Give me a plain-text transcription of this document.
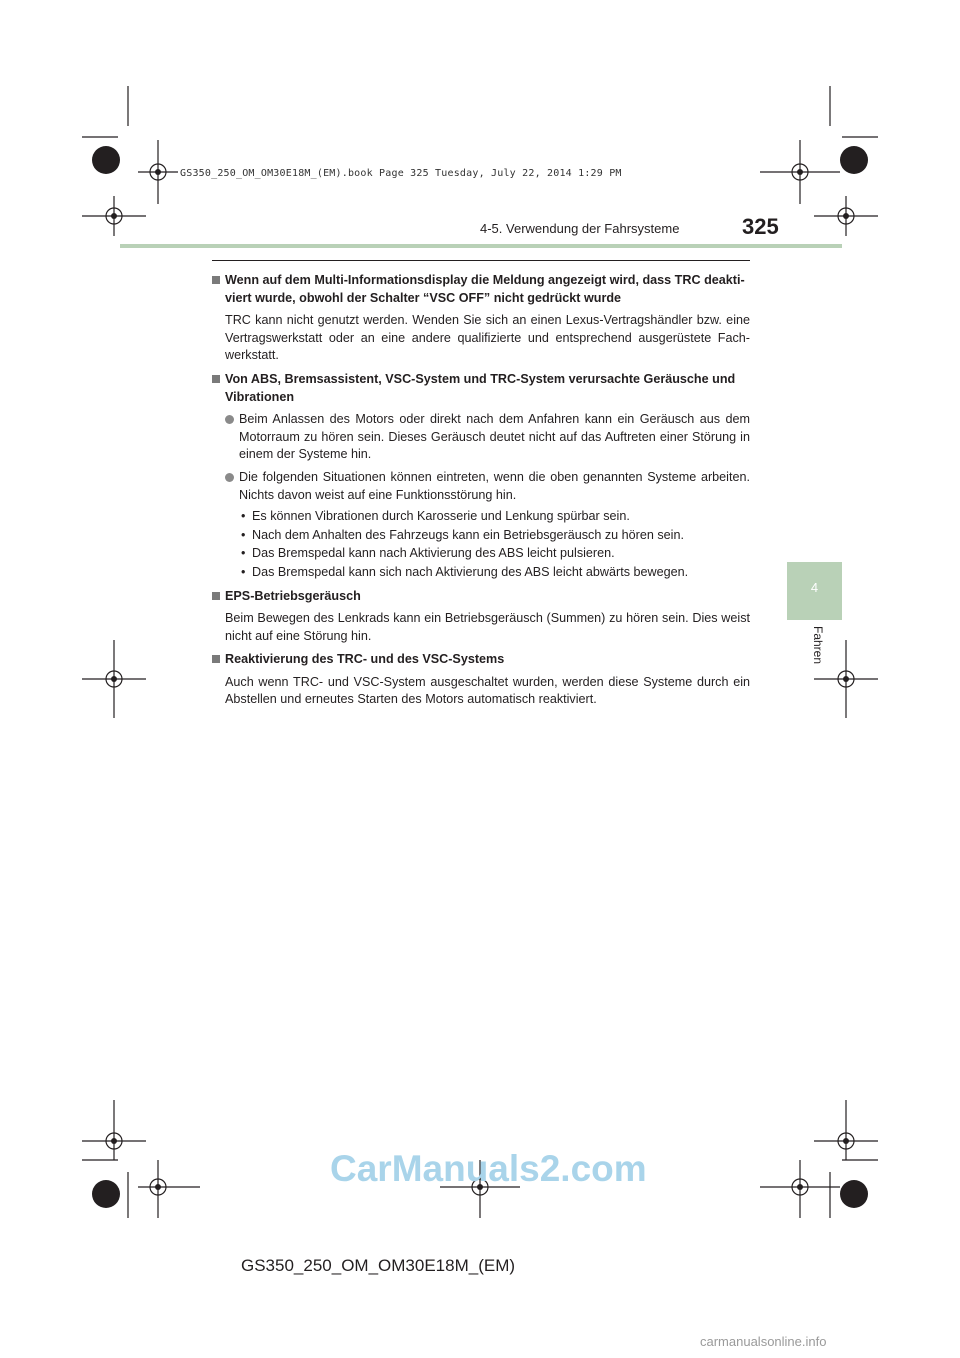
GS350_250_OM_OM30E18M_(EM).book Page 325 Tuesday, July 22, 2014 1:29 PM
4-5. Verwendung der Fahrsysteme	325
4
Fahren
Wenn auf dem Multi-Informationsdisplay die Meldung angezeigt wird, dass TRC deakti-viert wurde, obwohl der Schalter “VSC OFF” nicht gedrückt wurde
TRC kann nicht genutzt werden. Wenden Sie sich an einen Lexus-Vertragshändler bzw. eine Vertragswerkstatt oder an eine andere qualifizierte und entsprechend ausgerüstete Fach-werkstatt.
Von ABS, Bremsassistent, VSC-System und TRC-System verursachte Geräusche und Vibrationen
Beim Anlassen des Motors oder direkt nach dem Anfahren kann ein Geräusch aus dem Motorraum zu hören sein. Dieses Geräusch deutet nicht auf das Auftreten einer Störung in einem der Systeme hin.
Die folgenden Situationen können eintreten, wenn die oben genannten Systeme arbeiten. Nichts davon weist auf eine Funktionsstörung hin.
• Es können Vibrationen durch Karosserie und Lenkung spürbar sein.
• Nach dem Anhalten des Fahrzeugs kann ein Betriebsgeräusch zu hören sein.
• Das Bremspedal kann nach Aktivierung des ABS leicht pulsieren.
• Das Bremspedal kann sich nach Aktivierung des ABS leicht abwärts bewegen.
EPS-Betriebsgeräusch
Beim Bewegen des Lenkrads kann ein Betriebsgeräusch (Summen) zu hören sein. Dies weist nicht auf eine Störung hin.
Reaktivierung des TRC- und des VSC-Systems
Auch wenn TRC- und VSC-System ausgeschaltet wurden, werden diese Systeme durch ein Abstellen und erneutes Starten des Motors automatisch reaktiviert.
CarManuals2.com
GS350_250_OM_OM30E18M_(EM)
carmanualsonline.info
